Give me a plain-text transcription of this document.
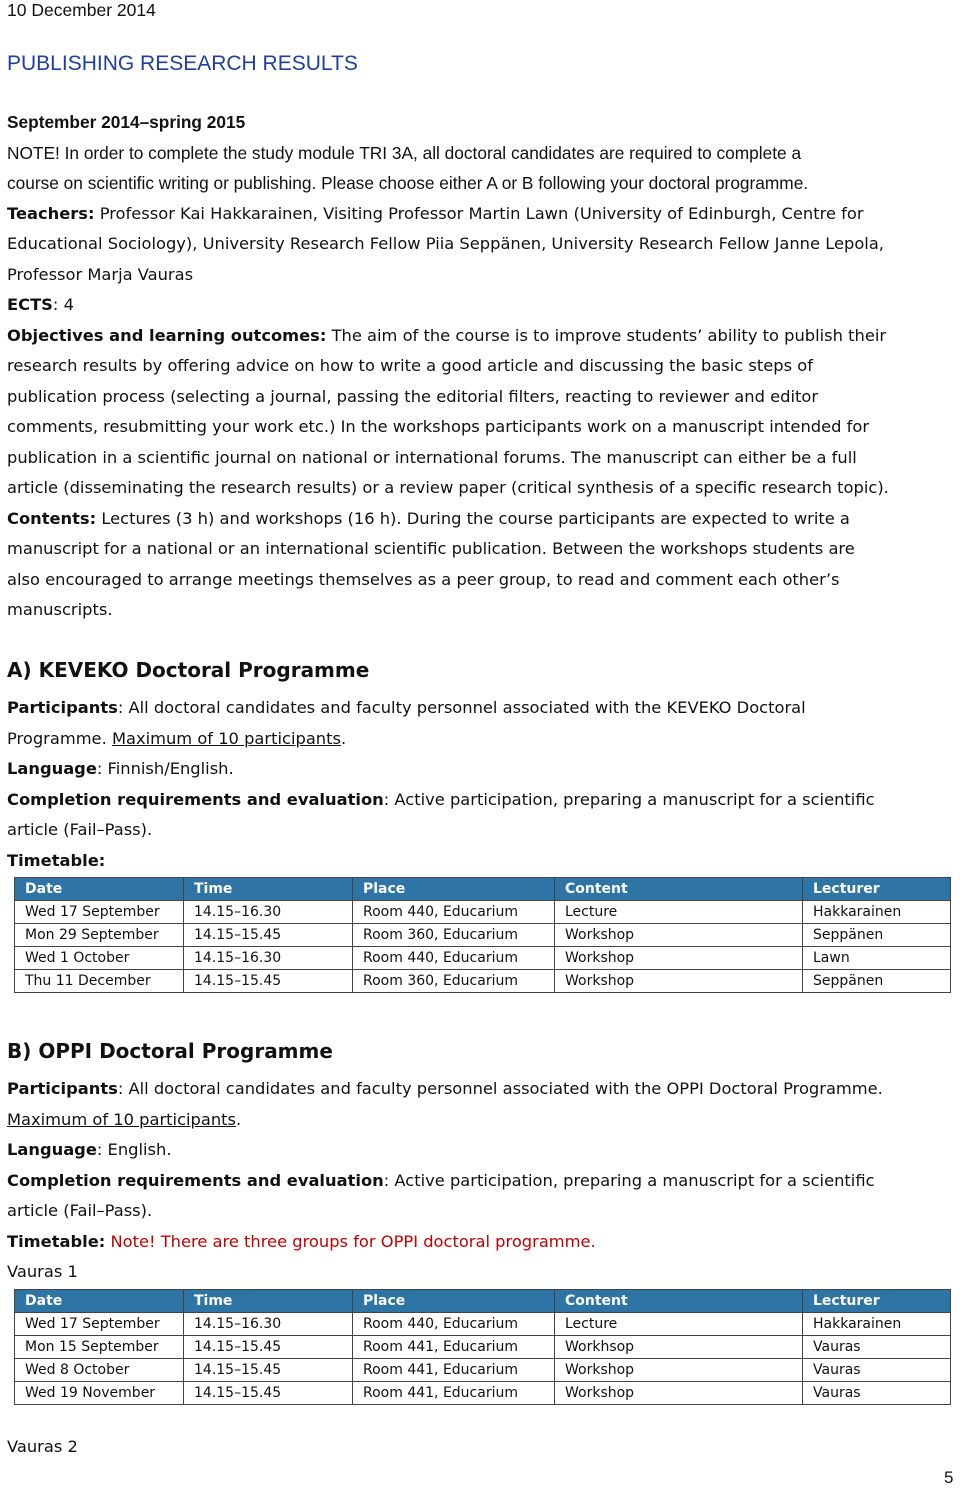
10 December 2014
PUBLISHING RESEARCH RESULTS
September 2014–spring 2015
NOTE! In order to complete the study module TRI 3A, all doctoral candidates are required to complete a
course on scientific writing or publishing. Please choose either A or B following your doctoral programme.
Teachers: Professor Kai Hakkarainen, Visiting Professor Martin Lawn (University of Edinburgh, Centre for
Educational Sociology), University Research Fellow Piia Seppänen, University Research Fellow Janne Lepola,
Professor Marja Vauras
ECTS: 4
Objectives and learning outcomes: The aim of the course is to improve students’ ability to publish their
research results by offering advice on how to write a good article and discussing the basic steps of
publication process (selecting a journal, passing the editorial filters, reacting to reviewer and editor
comments, resubmitting your work etc.) In the workshops participants work on a manuscript intended for
publication in a scientific journal on national or international forums. The manuscript can either be a full
article (disseminating the research results) or a review paper (critical synthesis of a specific research topic).
Contents: Lectures (3 h) and workshops (16 h). During the course participants are expected to write a
manuscript for a national or an international scientific publication. Between the workshops students are
also encouraged to arrange meetings themselves as a peer group, to read and comment each other’s
manuscripts.
A) KEVEKO Doctoral Programme
Participants: All doctoral candidates and faculty personnel associated with the KEVEKO Doctoral
Programme. Maximum of 10 participants.
Language: Finnish/English.
Completion requirements and evaluation: Active participation, preparing a manuscript for a scientific
article (Fail–Pass).
Timetable:
Date	Time	Place	Content	Lecturer
Wed 17 September	14.15–16.30	Room 440, Educarium	Lecture	Hakkarainen
Mon 29 September	14.15–15.45	Room 360, Educarium	Workshop	Seppänen
Wed 1 October	14.15–16.30	Room 440, Educarium	Workshop	Lawn
Thu 11 December	14.15–15.45	Room 360, Educarium	Workshop	Seppänen
B) OPPI Doctoral Programme
Participants: All doctoral candidates and faculty personnel associated with the OPPI Doctoral Programme.
Maximum of 10 participants.
Language: English.
Completion requirements and evaluation: Active participation, preparing a manuscript for a scientific
article (Fail–Pass).
Timetable: Note! There are three groups for OPPI doctoral programme.
Vauras 1
Date	Time	Place	Content	Lecturer
Wed 17 September	14.15–16.30	Room 440, Educarium	Lecture	Hakkarainen
Mon 15 September	14.15–15.45	Room 441, Educarium	Workhsop	Vauras
Wed 8 October	14.15–15.45	Room 441, Educarium	Workshop	Vauras
Wed 19 November	14.15–15.45	Room 441, Educarium	Workshop	Vauras
Vauras 2
5
